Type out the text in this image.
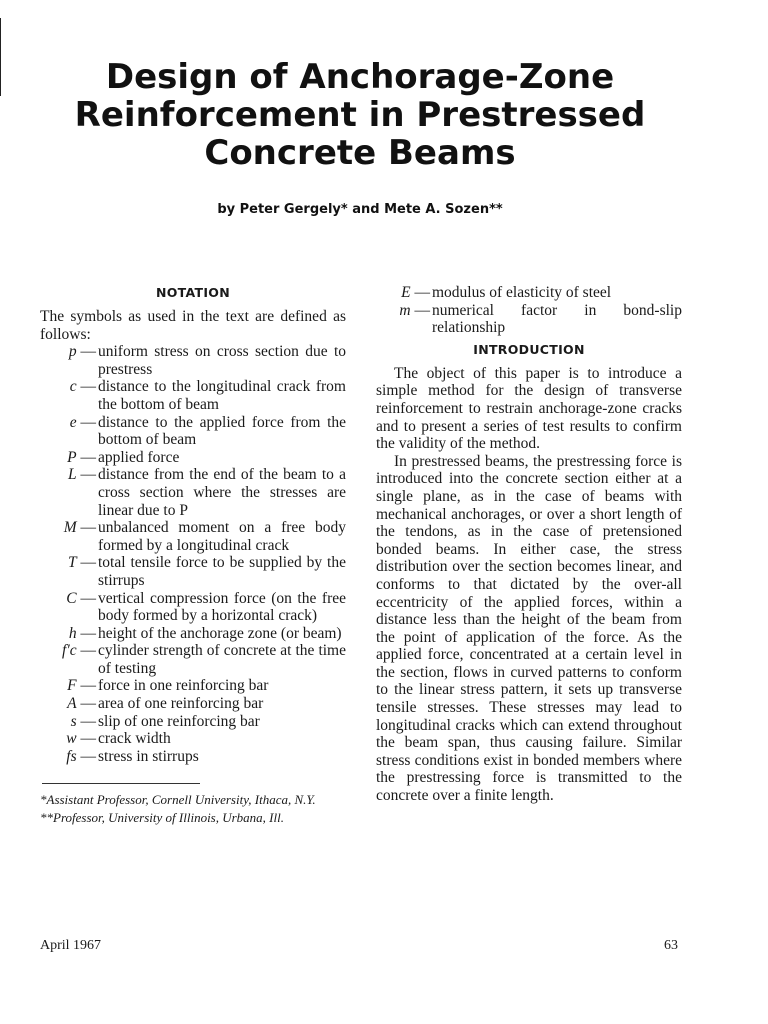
Design of Anchorage-Zone
Reinforcement in Prestressed
Concrete Beams
by Peter Gergely* and Mete A. Sozen**
NOTATION

The symbols as used in the text are defined as follows:

p — uniform stress on cross section due to prestress
c — distance to the longitudinal crack from the bottom of beam
e — distance to the applied force from the bottom of beam
P — applied force
L — distance from the end of the beam to a cross section where the stresses are linear due to P
M — unbalanced moment on a free body formed by a longitudinal crack
T — total tensile force to be supplied by the stirrups
C — vertical compression force (on the free body formed by a horizontal crack)
h — height of the anchorage zone (or beam)
f′c — cylinder strength of concrete at the time of testing
F — force in one reinforcing bar
A — area of one reinforcing bar
s — slip of one reinforcing bar
w — crack width
fs — stress in stirrups

*Assistant Professor, Cornell University, Ithaca, N.Y.

**Professor, University of Illinois, Urbana, Ill.

E — modulus of elasticity of steel
m — numerical factor in bond-slip relationship
INTRODUCTION

The object of this paper is to introduce a simple method for the design of transverse reinforcement to restrain anchorage-zone cracks and to present a series of test results to confirm the validity of the method.

In prestressed beams, the prestressing force is introduced into the concrete section either at a single plane, as in the case of beams with mechanical anchorages, or over a short length of the tendons, as in the case of pretensioned bonded beams. In either case, the stress distribution over the section becomes linear, and conforms to that dictated by the over-all eccentricity of the applied forces, within a distance less than the height of the beam from the point of application of the force. As the applied force, concentrated at a certain level in the section, flows in curved patterns to conform to the linear stress pattern, it sets up transverse tensile stresses. These stresses may lead to longitudinal cracks which can extend throughout the beam span, thus causing failure. Similar stress conditions exist in bonded members where the prestressing force is transmitted to the concrete over a finite length.

April 1967	63
